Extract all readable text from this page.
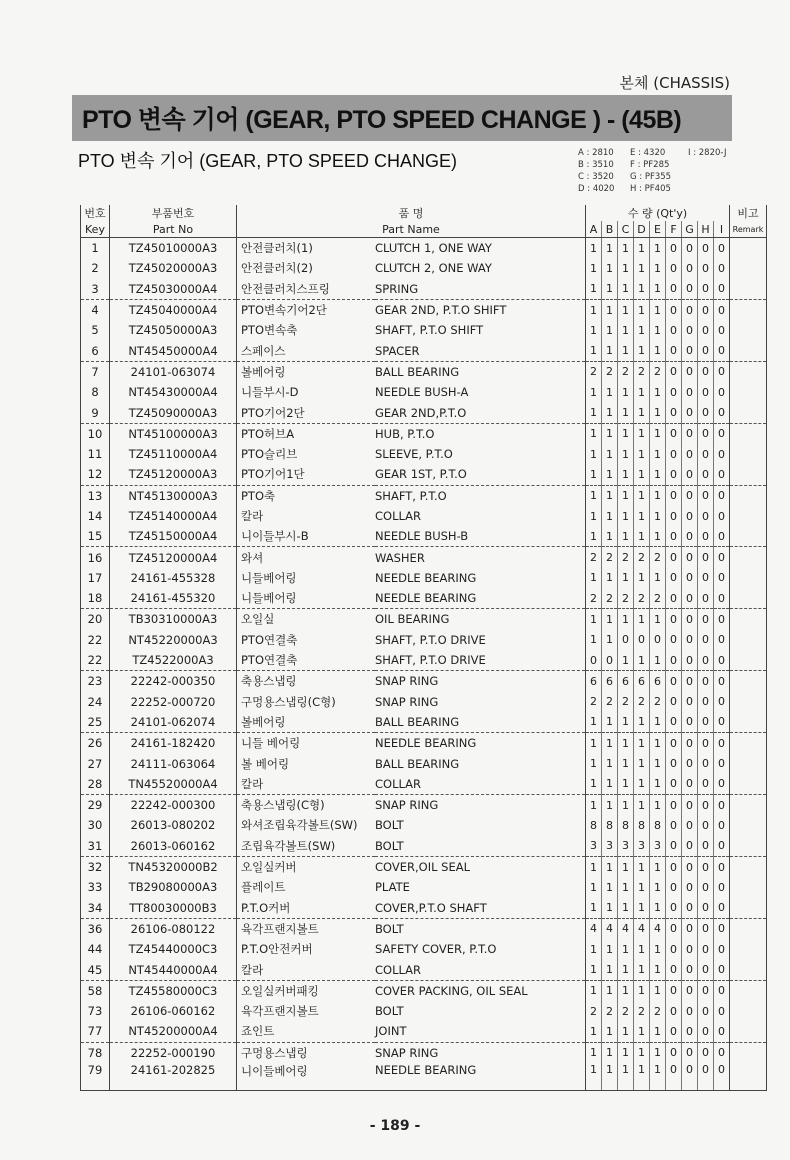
본체 (CHASSIS)
PTO 변속 기어 (GEAR, PTO SPEED CHANGE ) - (45B)
PTO 변속 기어 (GEAR, PTO SPEED CHANGE)	A : 2810
B : 3510
C : 3520
D : 4020
E : 4320
F : PF285
G : PF355
H : PF405
I : 2820-J
번호	부품번호	품 명		수 량 (Qt'y)									비고
Key	Part No	Part Name		A	B	C	D	E	F	G	H	I	Remark
1	TZ45010000A3	안전클러치(1)	CLUTCH 1, ONE WAY	1	1	1	1	1	0	0	0	0	
2	TZ45020000A3	안전클러치(2)	CLUTCH 2, ONE WAY	1	1	1	1	1	0	0	0	0	
3	TZ45030000A4	안전클러치스프링	SPRING	1	1	1	1	1	0	0	0	0	
4	TZ45040000A4	PTO변속기어2단	GEAR 2ND, P.T.O SHIFT	1	1	1	1	1	0	0	0	0	
5	TZ45050000A3	PTO변속축	SHAFT, P.T.O SHIFT	1	1	1	1	1	0	0	0	0	
6	NT45450000A4	스페이스	SPACER	1	1	1	1	1	0	0	0	0	
7	24101-063074	볼베어링	BALL BEARING	2	2	2	2	2	0	0	0	0	
8	NT45430000A4	니들부시-D	NEEDLE BUSH-A	1	1	1	1	1	0	0	0	0	
9	TZ45090000A3	PTO기어2단	GEAR 2ND,P.T.O	1	1	1	1	1	0	0	0	0	
10	NT45100000A3	PTO허브A	HUB, P.T.O	1	1	1	1	1	0	0	0	0	
11	TZ45110000A4	PTO슬리브	SLEEVE, P.T.O	1	1	1	1	1	0	0	0	0	
12	TZ45120000A3	PTO기어1단	GEAR 1ST, P.T.O	1	1	1	1	1	0	0	0	0	
13	NT45130000A3	PTO축	SHAFT, P.T.O	1	1	1	1	1	0	0	0	0	
14	TZ45140000A4	칼라	COLLAR	1	1	1	1	1	0	0	0	0	
15	TZ45150000A4	니이들부시-B	NEEDLE BUSH-B	1	1	1	1	1	0	0	0	0	
16	TZ45120000A4	와셔	WASHER	2	2	2	2	2	0	0	0	0	
17	24161-455328	니들베어링	NEEDLE BEARING	1	1	1	1	1	0	0	0	0	
18	24161-455320	니들베어링	NEEDLE BEARING	2	2	2	2	2	0	0	0	0	
20	TB30310000A3	오일실	OIL BEARING	1	1	1	1	1	0	0	0	0	
22	NT45220000A3	PTO연결축	SHAFT, P.T.O DRIVE	1	1	0	0	0	0	0	0	0	
22	TZ4522000A3	PTO연결축	SHAFT, P.T.O DRIVE	0	0	1	1	1	0	0	0	0	
23	22242-000350	축용스냅링	SNAP RING	6	6	6	6	6	0	0	0	0	
24	22252-000720	구멍용스냅링(C형)	SNAP RING	2	2	2	2	2	0	0	0	0	
25	24101-062074	볼베어링	BALL BEARING	1	1	1	1	1	0	0	0	0	
26	24161-182420	니들 베어링	NEEDLE BEARING	1	1	1	1	1	0	0	0	0	
27	24111-063064	볼 베어링	BALL BEARING	1	1	1	1	1	0	0	0	0	
28	TN45520000A4	칼라	COLLAR	1	1	1	1	1	0	0	0	0	
29	22242-000300	축용스냅링(C형)	SNAP RING	1	1	1	1	1	0	0	0	0	
30	26013-080202	와셔조립육각볼트(SW)	BOLT	8	8	8	8	8	0	0	0	0	
31	26013-060162	조립육각볼트(SW)	BOLT	3	3	3	3	3	0	0	0	0	
32	TN45320000B2	오일실커버	COVER,OIL SEAL	1	1	1	1	1	0	0	0	0	
33	TB29080000A3	플레이트	PLATE	1	1	1	1	1	0	0	0	0	
34	TT80030000B3	P.T.O커버	COVER,P.T.O SHAFT	1	1	1	1	1	0	0	0	0	
36	26106-080122	육각프랜지볼트	BOLT	4	4	4	4	4	0	0	0	0	
44	TZ45440000C3	P.T.O안전커버	SAFETY COVER, P.T.O	1	1	1	1	1	0	0	0	0	
45	NT45440000A4	칼라	COLLAR	1	1	1	1	1	0	0	0	0	
58	TZ45580000C3	오일실커버패킹	COVER PACKING, OIL SEAL	1	1	1	1	1	0	0	0	0	
73	26106-060162	육각프랜지볼트	BOLT	2	2	2	2	2	0	0	0	0	
77	NT45200000A4	죠인트	JOINT	1	1	1	1	1	0	0	0	0	
78	22252-000190	구멍용스냅링	SNAP RING	1	1	1	1	1	0	0	0	0	
79	24161-202825	니이들베어링	NEEDLE BEARING	1	1	1	1	1	0	0	0	0	
- 189 -
